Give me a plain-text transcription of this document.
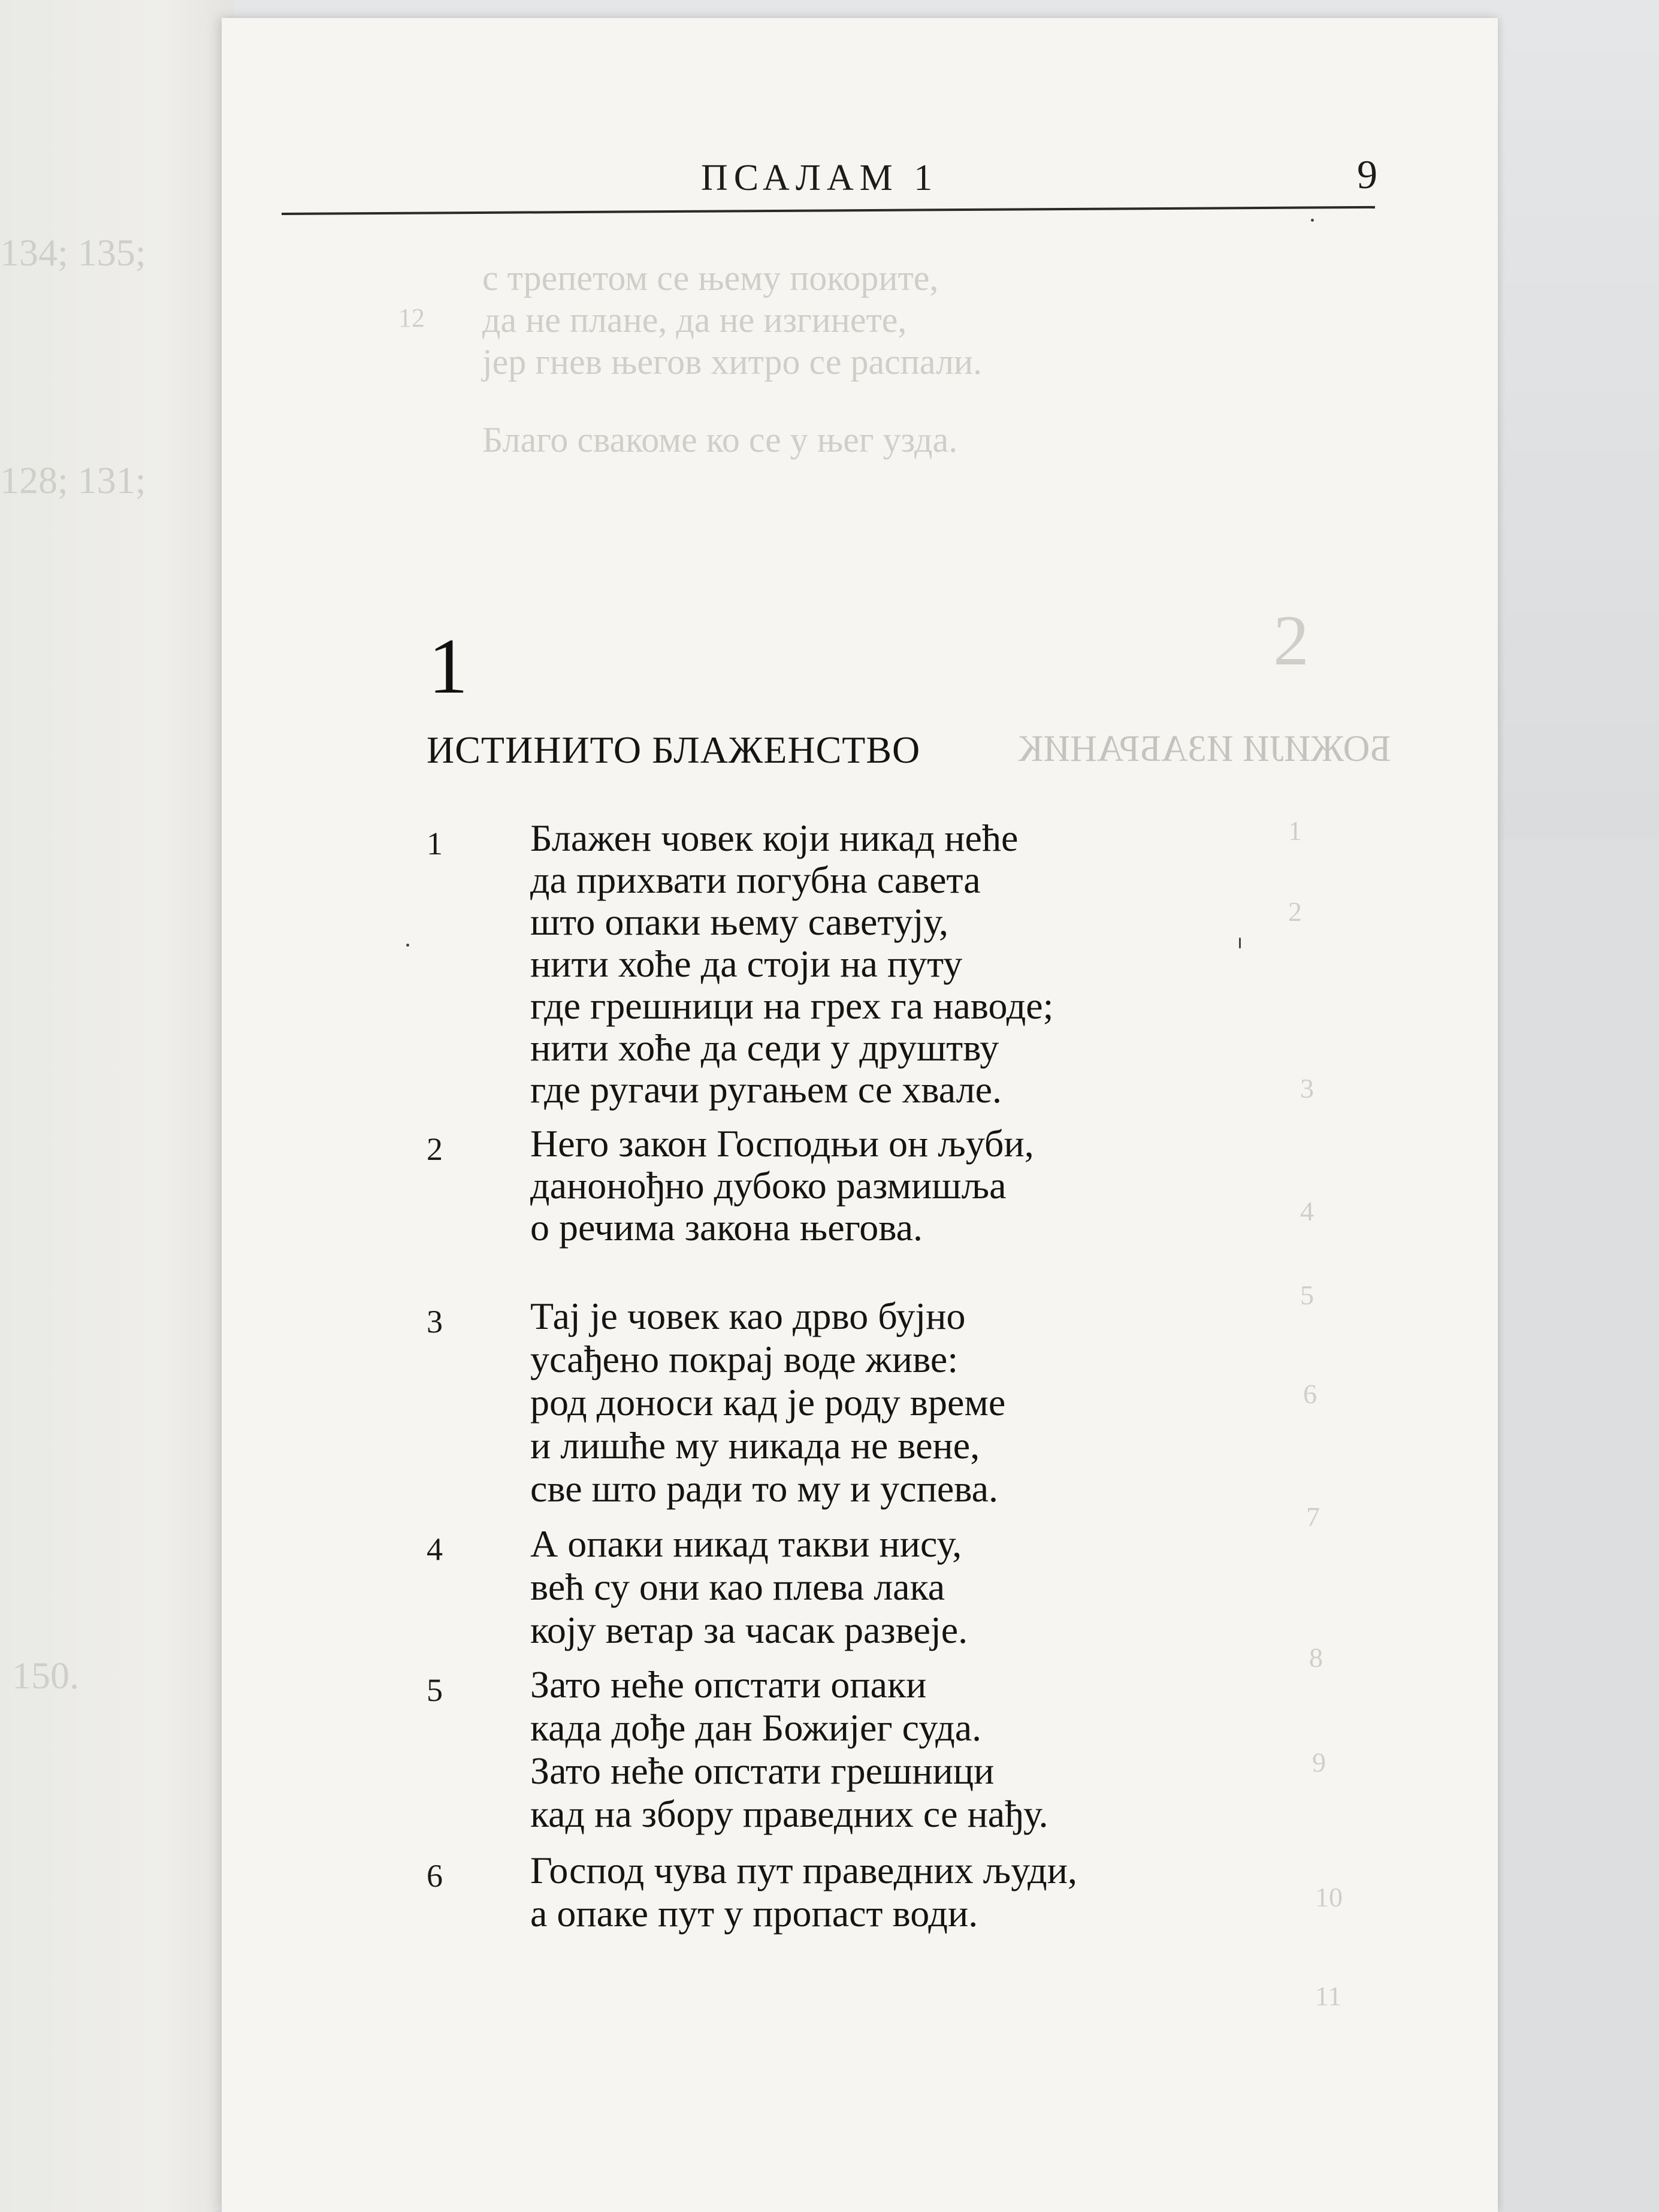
134; 135;
128; 131;
150.
12
с трепетом се њему покорите,
да не плане, да не изгинете,
јер гнев његов хитро се распали.
Благо свакоме ко се у њег узда.
2
БОЖИЈИ ИЗАБРАНИК
1
2
3
4
5
6
7
8
9
10
11
ПСАЛАМ 1	9
1
ИСТИНИТО БЛАЖЕНСТВО
1 Блажен човек који никад неће
да прихвати погубна савета
што опаки њему саветују,
нити хоће да стоји на путу
где грешници на грех га наводе;
нити хоће да седи у друштву
где ругачи ругањем се хвале.
2 Него закон Господњи он љуби,
данонођно дубоко размишља
о речима закона његова.
3 Тај је човек као дрво бујно
усађено покрај воде живе:
род доноси кад је роду време
и лишће му никада не вене,
све што ради то му и успева.
4 А опаки никад такви нису,
већ су они као плева лака
коју ветар за часак развеје.
5 Зато неће опстати опаки
када дође дан Божијег суда.
Зато неће опстати грешници
кад на збору праведних се нађу.
6 Господ чува пут праведних људи,
а опаке пут у пропаст води.
